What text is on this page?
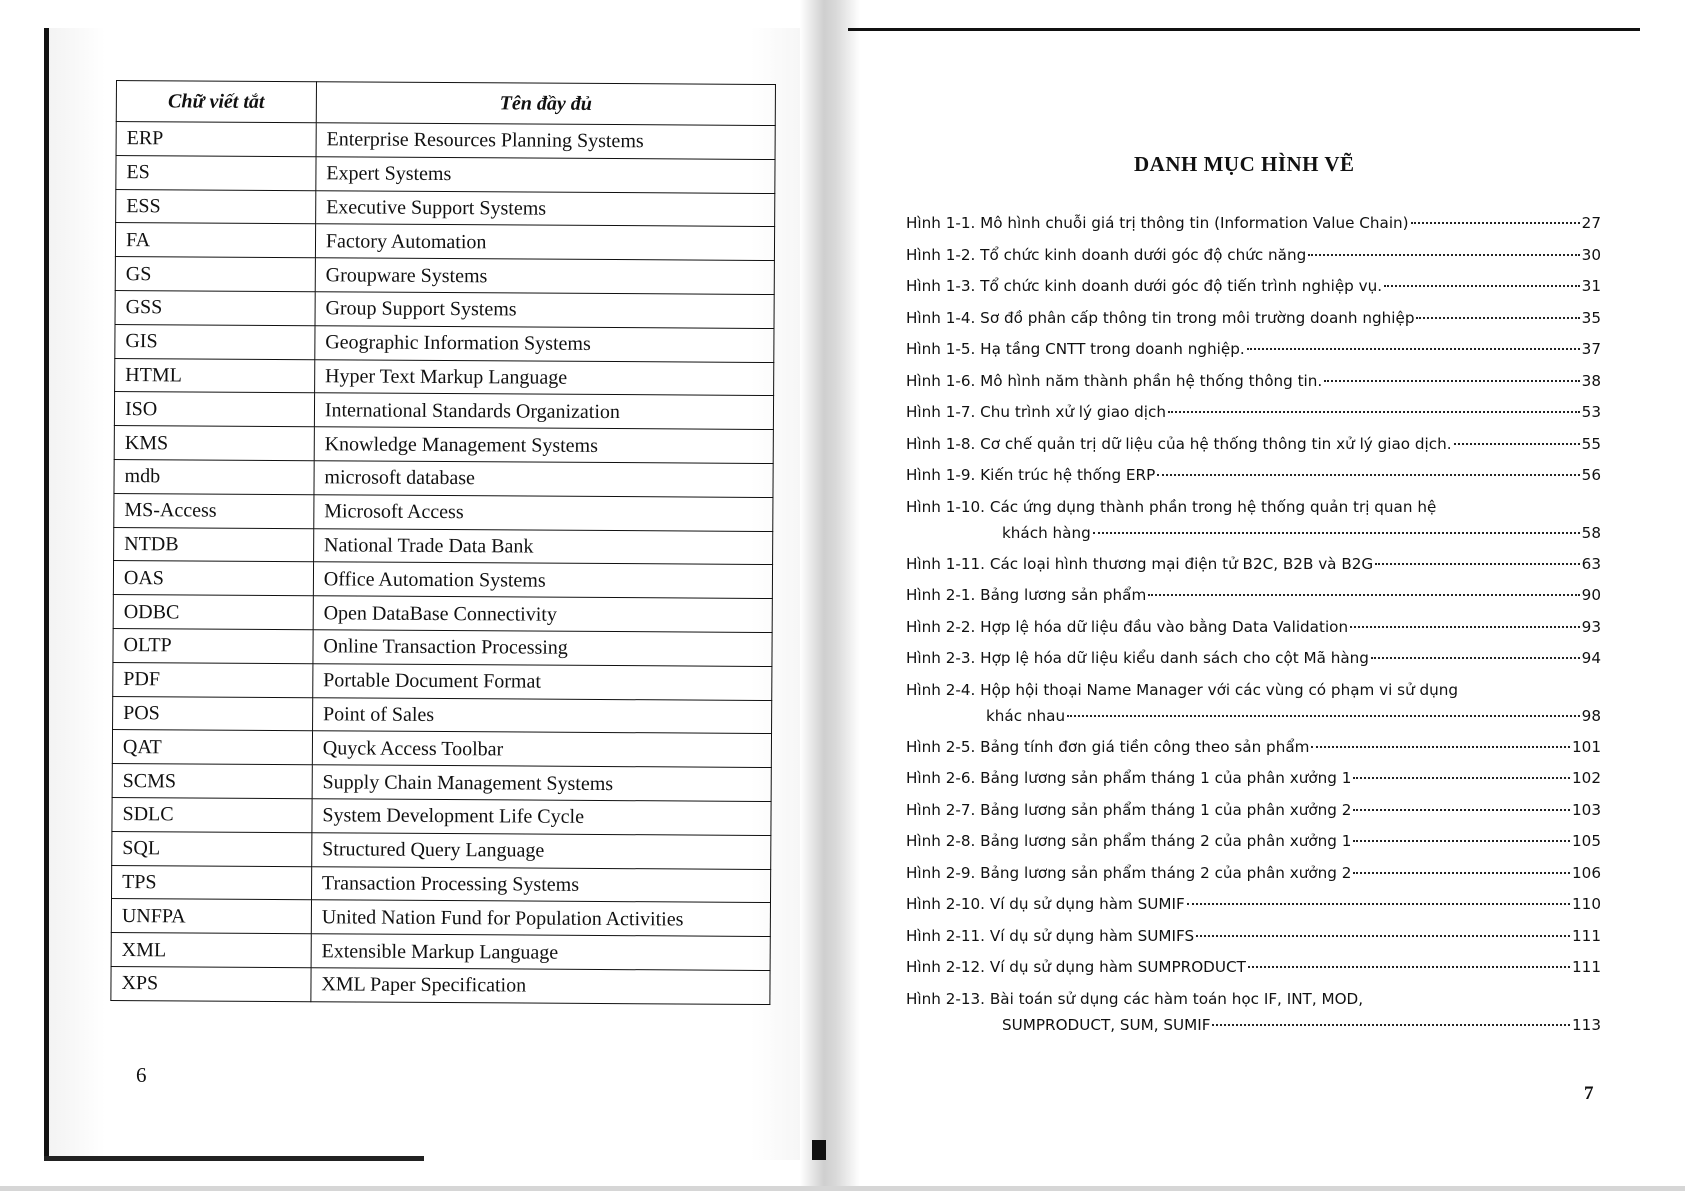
Chữ viết tắt	Tên đầy đủ
ERP	Enterprise Resources Planning Systems
ES	Expert Systems
ESS	Executive Support Systems
FA	Factory Automation
GS	Groupware Systems
GSS	Group Support Systems
GIS	Geographic Information Systems
HTML	Hyper Text Markup Language
ISO	International Standards Organization
KMS	Knowledge Management Systems
mdb	microsoft database
MS-Access	Microsoft Access
NTDB	National Trade Data Bank
OAS	Office Automation Systems
ODBC	Open DataBase Connectivity
OLTP	Online Transaction Processing
PDF	Portable Document Format
POS	Point of Sales
QAT	Quyck Access Toolbar
SCMS	Supply Chain Management Systems
SDLC	System Development Life Cycle
SQL	Structured Query Language
TPS	Transaction Processing Systems
UNFPA	United Nation Fund for Population Activities
XML	Extensible Markup Language
XPS	XML Paper Specification
6
DANH MỤC HÌNH VẼ
Hình 1-1. Mô hình chuỗi giá trị thông tin (Information Value Chain)	27
Hình 1-2. Tổ chức kinh doanh dưới góc độ chức năng	30
Hình 1-3. Tổ chức kinh doanh dưới góc độ tiến trình nghiệp vụ.	31
Hình 1-4. Sơ đồ phân cấp thông tin trong môi trường doanh nghiệp	35
Hình 1-5. Hạ tầng CNTT trong doanh nghiệp.	37
Hình 1-6. Mô hình năm thành phần hệ thống thông tin.	38
Hình 1-7. Chu trình xử lý giao dịch	53
Hình 1-8. Cơ chế quản trị dữ liệu của hệ thống thông tin xử lý giao dịch.	55
Hình 1-9. Kiến trúc hệ thống ERP	56
Hình 1-10. Các ứng dụng thành phần trong hệ thống quản trị quan hệ
khách hàng	58
Hình 1-11. Các loại hình thương mại điện tử B2C, B2B và B2G	63
Hình 2-1. Bảng lương sản phẩm	90
Hình 2-2. Hợp lệ hóa dữ liệu đầu vào bằng Data Validation	93
Hình 2-3. Hợp lệ hóa dữ liệu kiểu danh sách cho cột Mã hàng	94
Hình 2-4. Hộp hội thoại Name Manager với các vùng có phạm vi sử dụng
khác nhau	98
Hình 2-5. Bảng tính đơn giá tiền công theo sản phẩm	101
Hình 2-6. Bảng lương sản phẩm tháng 1 của phân xưởng 1	102
Hình 2-7. Bảng lương sản phẩm tháng 1 của phân xưởng 2	103
Hình 2-8. Bảng lương sản phẩm tháng 2 của phân xưởng 1	105
Hình 2-9. Bảng lương sản phẩm tháng 2 của phân xưởng 2	106
Hình 2-10. Ví dụ sử dụng hàm SUMIF	110
Hình 2-11. Ví dụ sử dụng hàm SUMIFS	111
Hình 2-12. Ví dụ sử dụng hàm SUMPRODUCT	111
Hình 2-13. Bài toán sử dụng các hàm toán học IF, INT, MOD,
SUMPRODUCT, SUM, SUMIF	113
7
